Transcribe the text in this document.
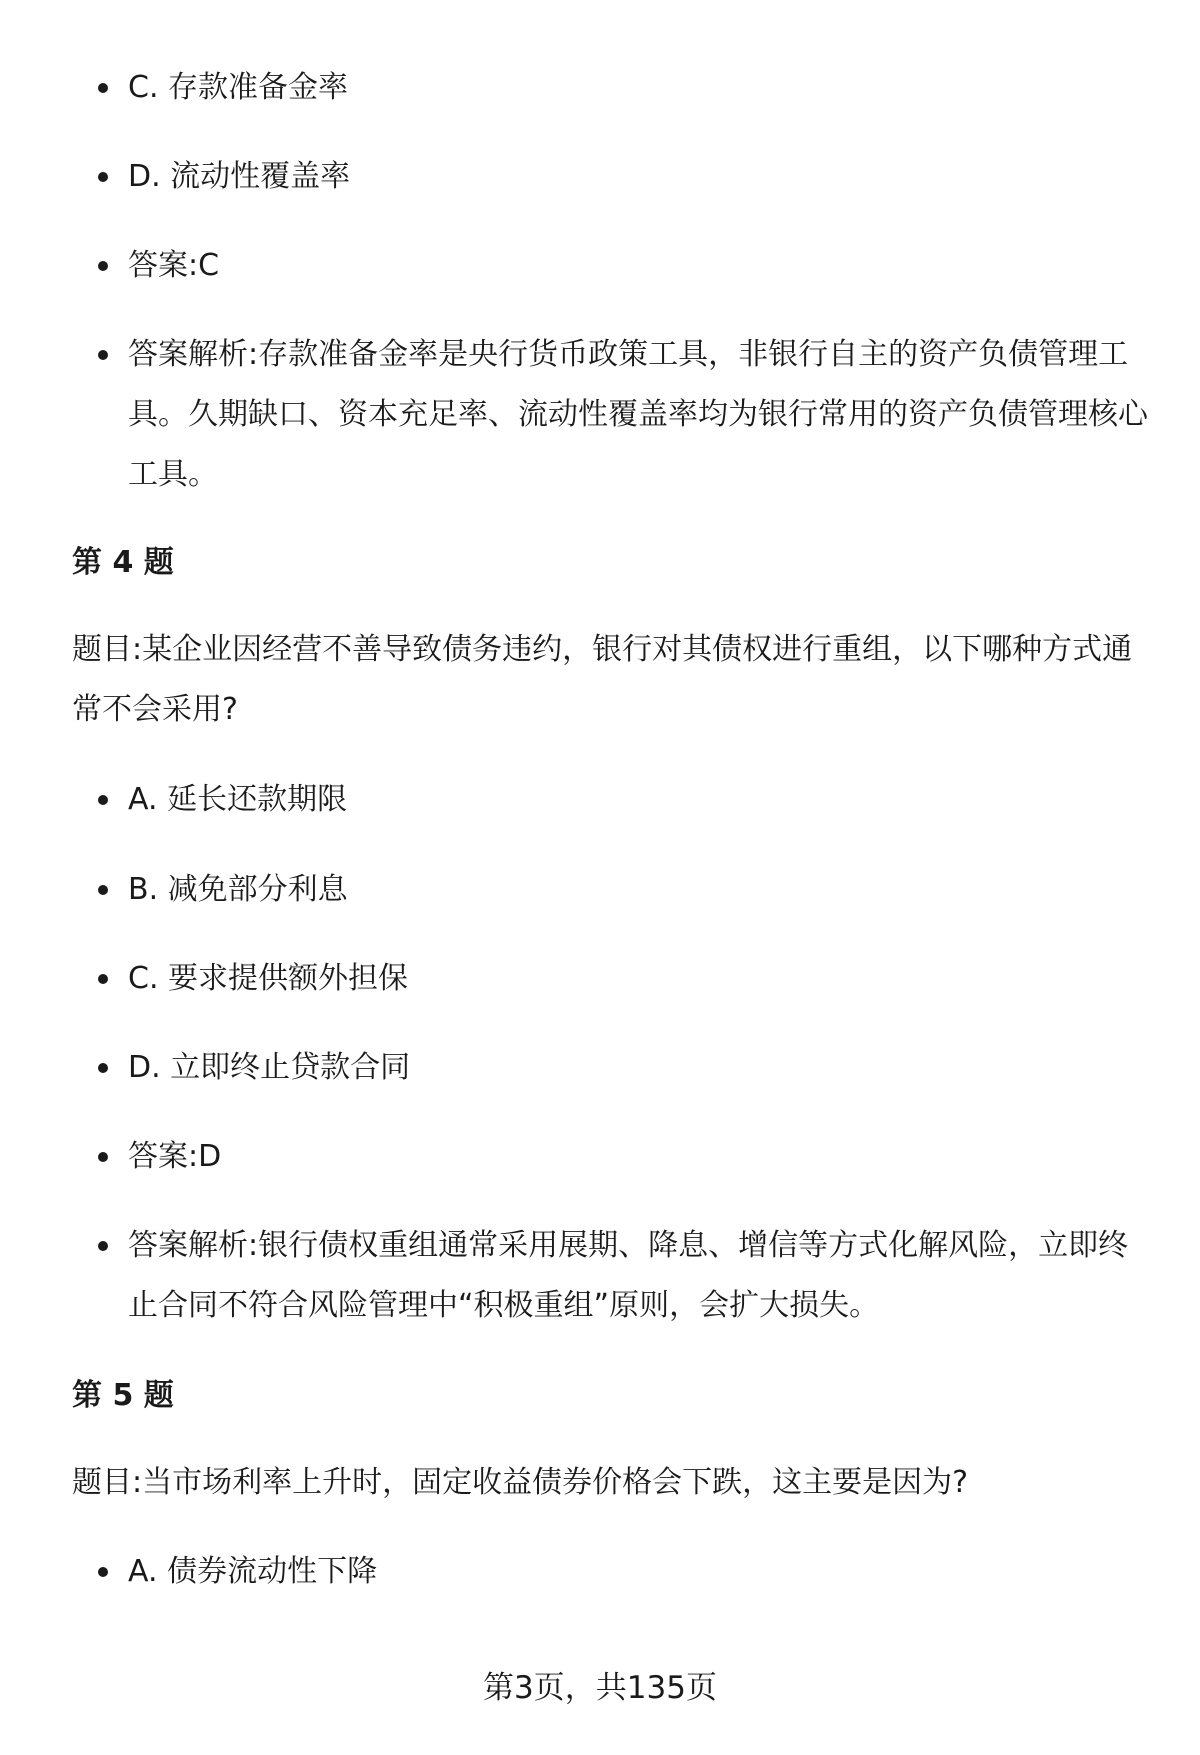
C. 存款准备金率
D. 流动性覆盖率
答案:C
答案解析:存款准备金率是央行货币政策工具，非银行自主的资产负债管理工具。久期缺口、资本充足率、流动性覆盖率均为银行常用的资产负债管理核心工具。
第 4 题
题目:某企业因经营不善导致债务违约，银行对其债权进行重组，以下哪种方式通常不会采用?
A. 延长还款期限
B. 减免部分利息
C. 要求提供额外担保
D. 立即终止贷款合同
答案:D
答案解析:银行债权重组通常采用展期、降息、增信等方式化解风险，立即终止合同不符合风险管理中“积极重组”原则，会扩大损失。
第 5 题
题目:当市场利率上升时，固定收益债券价格会下跌，这主要是因为?
A. 债券流动性下降
第3页，共135页
